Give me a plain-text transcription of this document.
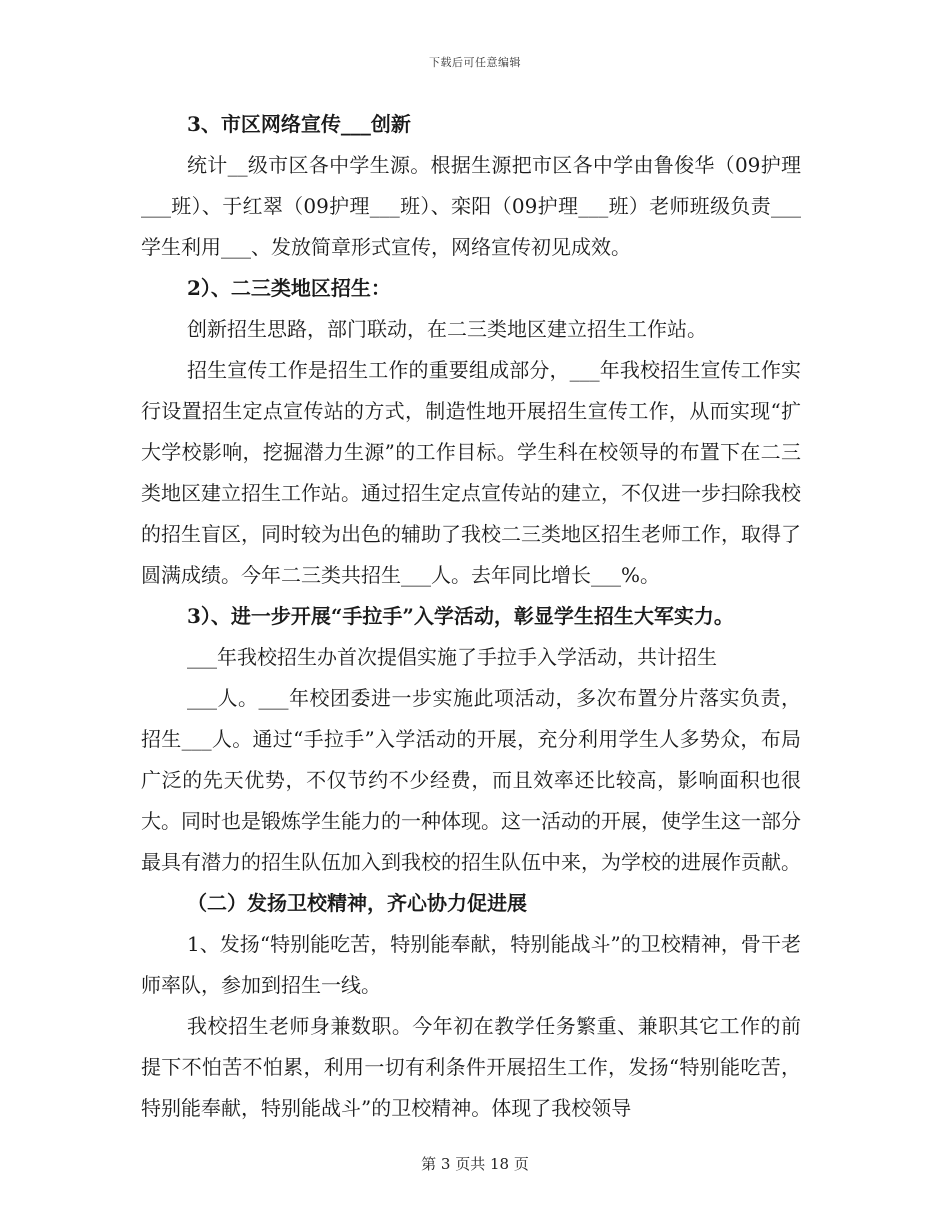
下载后可任意编辑

3、市区网络宣传___创新

统计__级市区各中学生源。根据生源把市区各中学由鲁俊华（09护理___班）、于红翠（09护理___班）、栾阳（09护理___班）老师班级负责___学生利用___、发放简章形式宣传，网络宣传初见成效。

2）、二三类地区招生：

创新招生思路，部门联动，在二三类地区建立招生工作站。

招生宣传工作是招生工作的重要组成部分，___年我校招生宣传工作实行设置招生定点宣传站的方式，制造性地开展招生宣传工作，从而实现“扩大学校影响，挖掘潜力生源”的工作目标。学生科在校领导的布置下在二三类地区建立招生工作站。通过招生定点宣传站的建立，不仅进一步扫除我校的招生盲区，同时较为出色的辅助了我校二三类地区招生老师工作，取得了圆满成绩。今年二三类共招生___人。去年同比增长___%。

3）、进一步开展“手拉手”入学活动，彰显学生招生大军实力。

___年我校招生办首次提倡实施了手拉手入学活动，共计招生

___人。___年校团委进一步实施此项活动，多次布置分片落实负责，招生___人。通过“手拉手”入学活动的开展，充分利用学生人多势众，布局广泛的先天优势，不仅节约不少经费，而且效率还比较高，影响面积也很大。同时也是锻炼学生能力的一种体现。这一活动的开展，使学生这一部分最具有潜力的招生队伍加入到我校的招生队伍中来，为学校的进展作贡献。

（二）发扬卫校精神，齐心协力促进展

1、发扬“特别能吃苦，特别能奉献，特别能战斗”的卫校精神，骨干老师率队，参加到招生一线。

我校招生老师身兼数职。今年初在教学任务繁重、兼职其它工作的前提下不怕苦不怕累，利用一切有利条件开展招生工作，发扬“特别能吃苦，特别能奉献，特别能战斗”的卫校精神。体现了我校领导

第 3 页共 18 页
